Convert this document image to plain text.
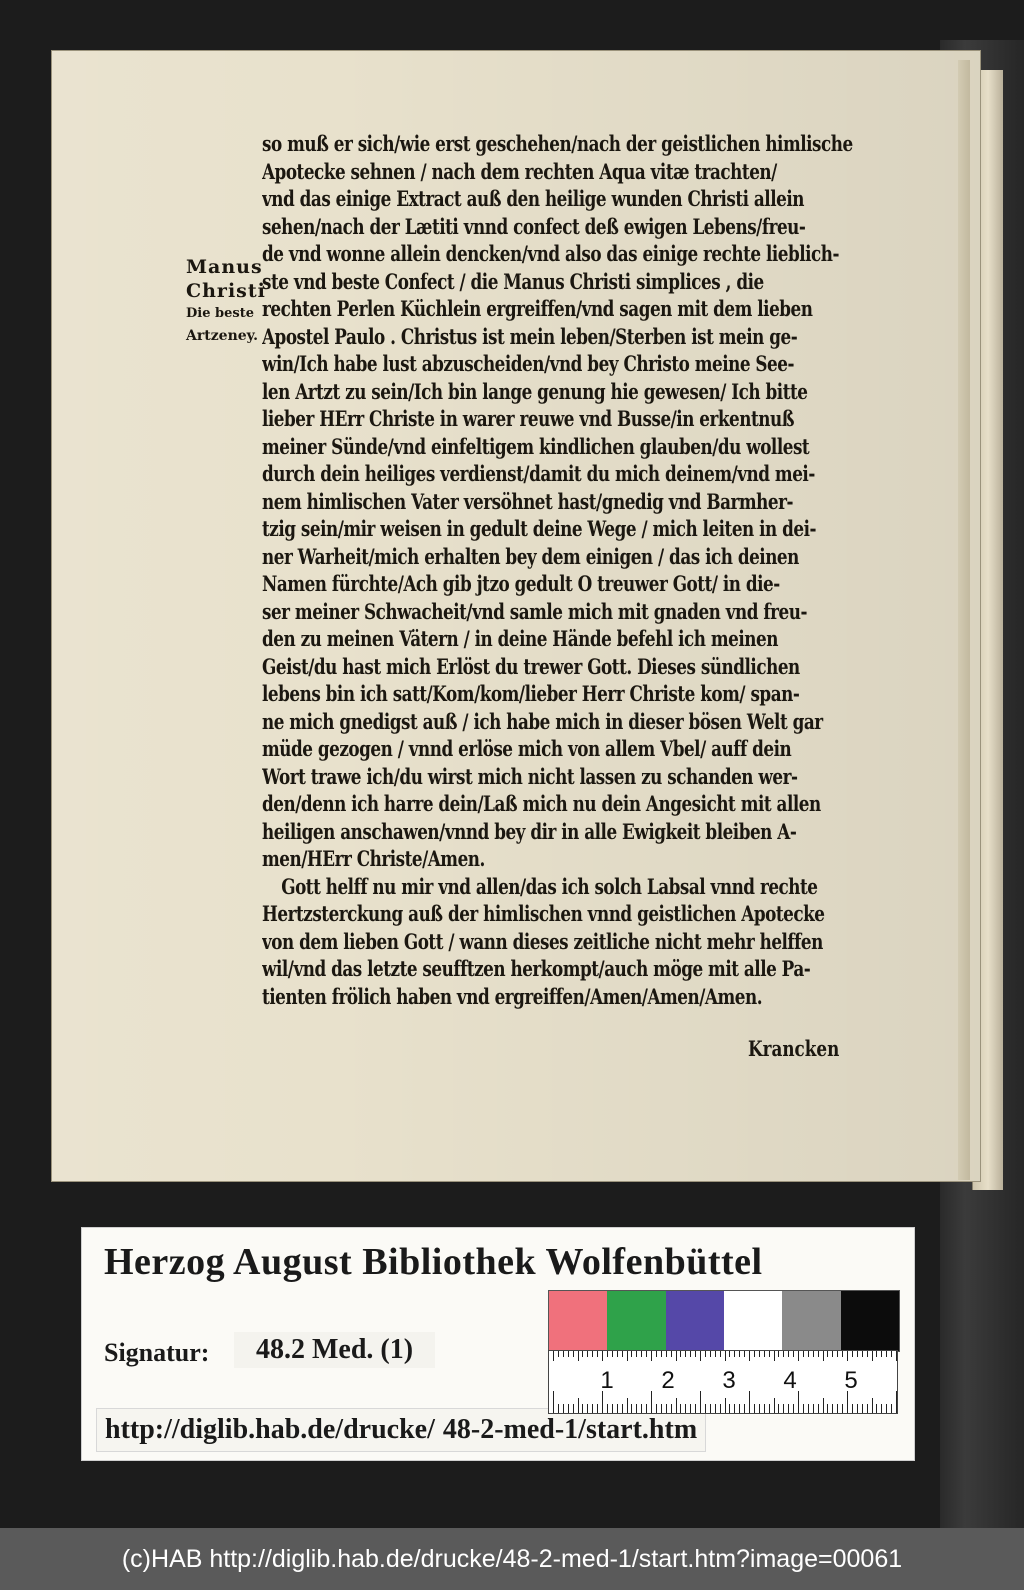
Manus
Christi
Die beste
Artzeney.
so muß er sich/wie erst geschehen/nach der geistlichen himlische
Apotecke sehnen / nach dem rechten Aqua vitæ trachten/
vnd das einige Extract auß den heilige wunden Christi allein
sehen/nach der Lætiti vnnd confect deß ewigen Lebens/freu-
de vnd wonne allein dencken/vnd also das einige rechte lieblich-
ste vnd beste Confect / die Manus Christi simplices , die
rechten Perlen Küchlein ergreiffen/vnd sagen mit dem lieben
Apostel Paulo . Christus ist mein leben/Sterben ist mein ge-
win/Ich habe lust abzuscheiden/vnd bey Christo meine See-
len Artzt zu sein/Ich bin lange genung hie gewesen/ Ich bitte
lieber HErr Christe in warer reuwe vnd Busse/in erkentnuß
meiner Sünde/vnd einfeltigem kindlichen glauben/du wollest
durch dein heiliges verdienst/damit du mich deinem/vnd mei-
nem himlischen Vater versöhnet hast/gnedig vnd Barmher-
tzig sein/mir weisen in gedult deine Wege / mich leiten in dei-
ner Warheit/mich erhalten bey dem einigen / das ich deinen
Namen fürchte/Ach gib jtzo gedult O treuwer Gott/ in die-
ser meiner Schwacheit/vnd samle mich mit gnaden vnd freu-
den zu meinen Vätern / in deine Hände befehl ich meinen
Geist/du hast mich Erlöst du trewer Gott. Dieses sündlichen
lebens bin ich satt/Kom/kom/lieber Herr Christe kom/ span-
ne mich gnedigst auß / ich habe mich in dieser bösen Welt gar
müde gezogen / vnnd erlöse mich von allem Vbel/ auff dein
Wort trawe ich/du wirst mich nicht lassen zu schanden wer-
den/denn ich harre dein/Laß mich nu dein Angesicht mit allen
heiligen anschawen/vnnd bey dir in alle Ewigkeit bleiben A-
men/HErr Christe/Amen.
Gott helff nu mir vnd allen/das ich solch Labsal vnnd rechte
Hertzsterckung auß der himlischen vnnd geistlichen Apotecke
von dem lieben Gott / wann dieses zeitliche nicht mehr helffen
wil/vnd das letzte seufftzen herkompt/auch möge mit alle Pa-
tienten frölich haben vnd ergreiffen/Amen/Amen/Amen.
Krancken
Herzog August Bibliothek Wolfenbüttel
Signatur:	48.2 Med. (1)
http://diglib.hab.de/drucke/ 48-2-med-1/start.htm
1 2 3 4 5
(c)HAB http://diglib.hab.de/drucke/48-2-med-1/start.htm?image=00061
